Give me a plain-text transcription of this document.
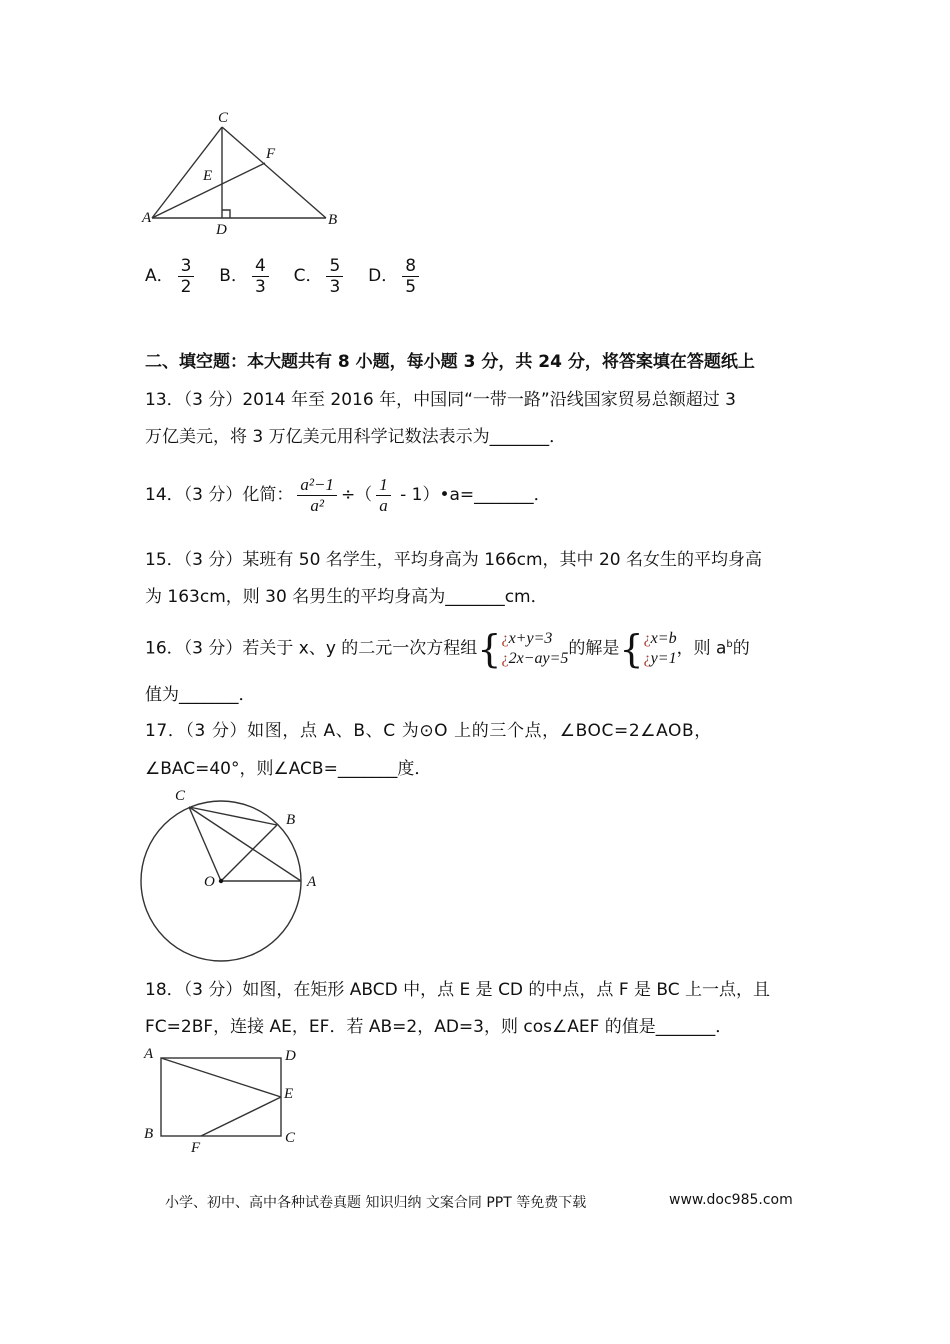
C
F
E
A
D
B
A． $\frac{3}{2}$ B． $\frac{4}{3}$ C． $\frac{5}{3}$ D． $\frac{8}{5}$
二、填空题：本大题共有 8 小题，每小题 3 分，共 24 分，将答案填在答题纸上
13．（3 分）2014 年至 2016 年，中国同“一带一路”沿线国家贸易总额超过 3
万亿美元，将 3 万亿美元用科学记数法表示为_______．
14．（3 分）化简： $\frac{\text{a²−1}}{\text{a²}}$ ÷（ $\frac{1}{a}$ - 1）•a=_______．
15．（3 分）某班有 50 名学生，平均身高为 166cm，其中 20 名女生的平均身高
为 163cm，则 30 名男生的平均身高为_______cm．
16．（3 分）若关于 x、y 的二元一次方程组{¿x+y=3
¿2x−ay=5的解是{¿x=b
¿y=1，则 $a^b$的
值为_______．
17．（3 分）如图，点 A、B、C 为⊙O 上的三个点，∠BOC=2∠AOB，
∠BAC=40°，则∠ACB=_______度．
C
B
O	A
18．（3 分）如图，在矩形 ABCD 中，点 E 是 CD 的中点，点 F 是 BC 上一点，且
FC=2BF，连接 AE，EF．若 AB=2，AD=3，则 cos∠AEF 的值是_______．
A	D
E
B
F
C
小学、初中、高中各种试卷真题 知识归纳 文案合同 PPT 等免费下载	www.doc985.com
